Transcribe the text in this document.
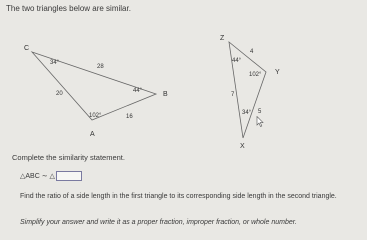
The two triangles below are similar.
C
B
A
34°
44°
102°
28
20
16
Z
Y
X
44°
102°
34°
4
7
5
Complete the similarity statement.
△ABC ∼ △
Find the ratio of a side length in the first triangle to its corresponding side length in the second triangle.
Simplify your answer and write it as a proper fraction, improper fraction, or whole number.
